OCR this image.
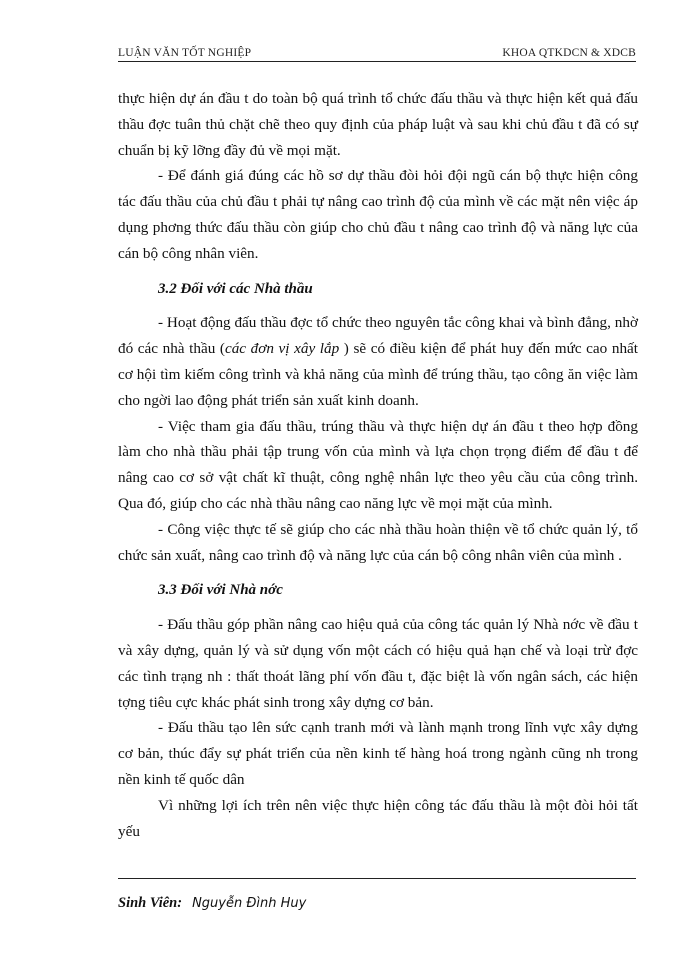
LUẬN VĂN TỐT NGHIỆP	KHOA QTKDCN & XDCB

thực hiện dự án đầu t do toàn bộ quá trình tổ chức đấu thầu và thực hiện kết quả đấu thầu đợc tuân thủ chặt chẽ theo quy định của pháp luật và sau khi chủ đầu t đã có sự chuẩn bị kỹ lỡng đầy đủ về mọi mặt.

- Để đánh giá đúng các hồ sơ dự thầu đòi hỏi đội ngũ cán bộ thực hiện công tác đấu thầu của chủ đầu t phải tự nâng cao trình độ của mình về các mặt nên việc áp dụng phơng thức đấu thầu còn giúp cho chủ đầu t nâng cao trình độ và năng lực của cán bộ công nhân viên.

3.2 Đối với các Nhà thầu

- Hoạt động đấu thầu đợc tổ chức theo nguyên tắc công khai và bình đẳng, nhờ đó các nhà thầu (các đơn vị xây lắp ) sẽ có điều kiện để phát huy đến mức cao nhất cơ hội tìm kiếm công trình và khả năng của mình để trúng thầu, tạo công ăn việc làm cho ngời lao động phát triển sản xuất kinh doanh.

- Việc tham gia đấu thầu, trúng thầu và thực hiện dự án đầu t theo hợp đồng làm cho nhà thầu phải tập trung vốn của mình và lựa chọn trọng điểm để đầu t để nâng cao cơ sở vật chất kĩ thuật, công nghệ nhân lực theo yêu cầu của công trình. Qua đó, giúp cho các nhà thầu nâng cao năng lực về mọi mặt của mình.

- Công việc thực tế sẽ giúp cho các nhà thầu hoàn thiện về tổ chức quản lý, tổ chức sản xuất, nâng cao trình độ và năng lực của cán bộ công nhân viên của mình .

3.3 Đối với Nhà nớc

- Đấu thầu góp phần nâng cao hiệu quả của công tác quản lý Nhà nớc về đầu t và xây dựng, quản lý và sử dụng vốn một cách có hiệu quả hạn chế và loại trừ đợc các tình trạng nh : thất thoát lãng phí vốn đầu t, đặc biệt là vốn ngân sách, các hiện tợng tiêu cực khác phát sinh trong xây dựng cơ bản.

- Đấu thầu tạo lên sức cạnh tranh mới và lành mạnh trong lĩnh vực xây dựng cơ bản, thúc đẩy sự phát triển của nền kinh tế hàng hoá trong ngành cũng nh trong nền kinh tế quốc dân

Vì những lợi ích trên nên việc thực hiện công tác đấu thầu là một đòi hỏi tất yếu

Sinh Viên: Nguyễn Đình Huy
